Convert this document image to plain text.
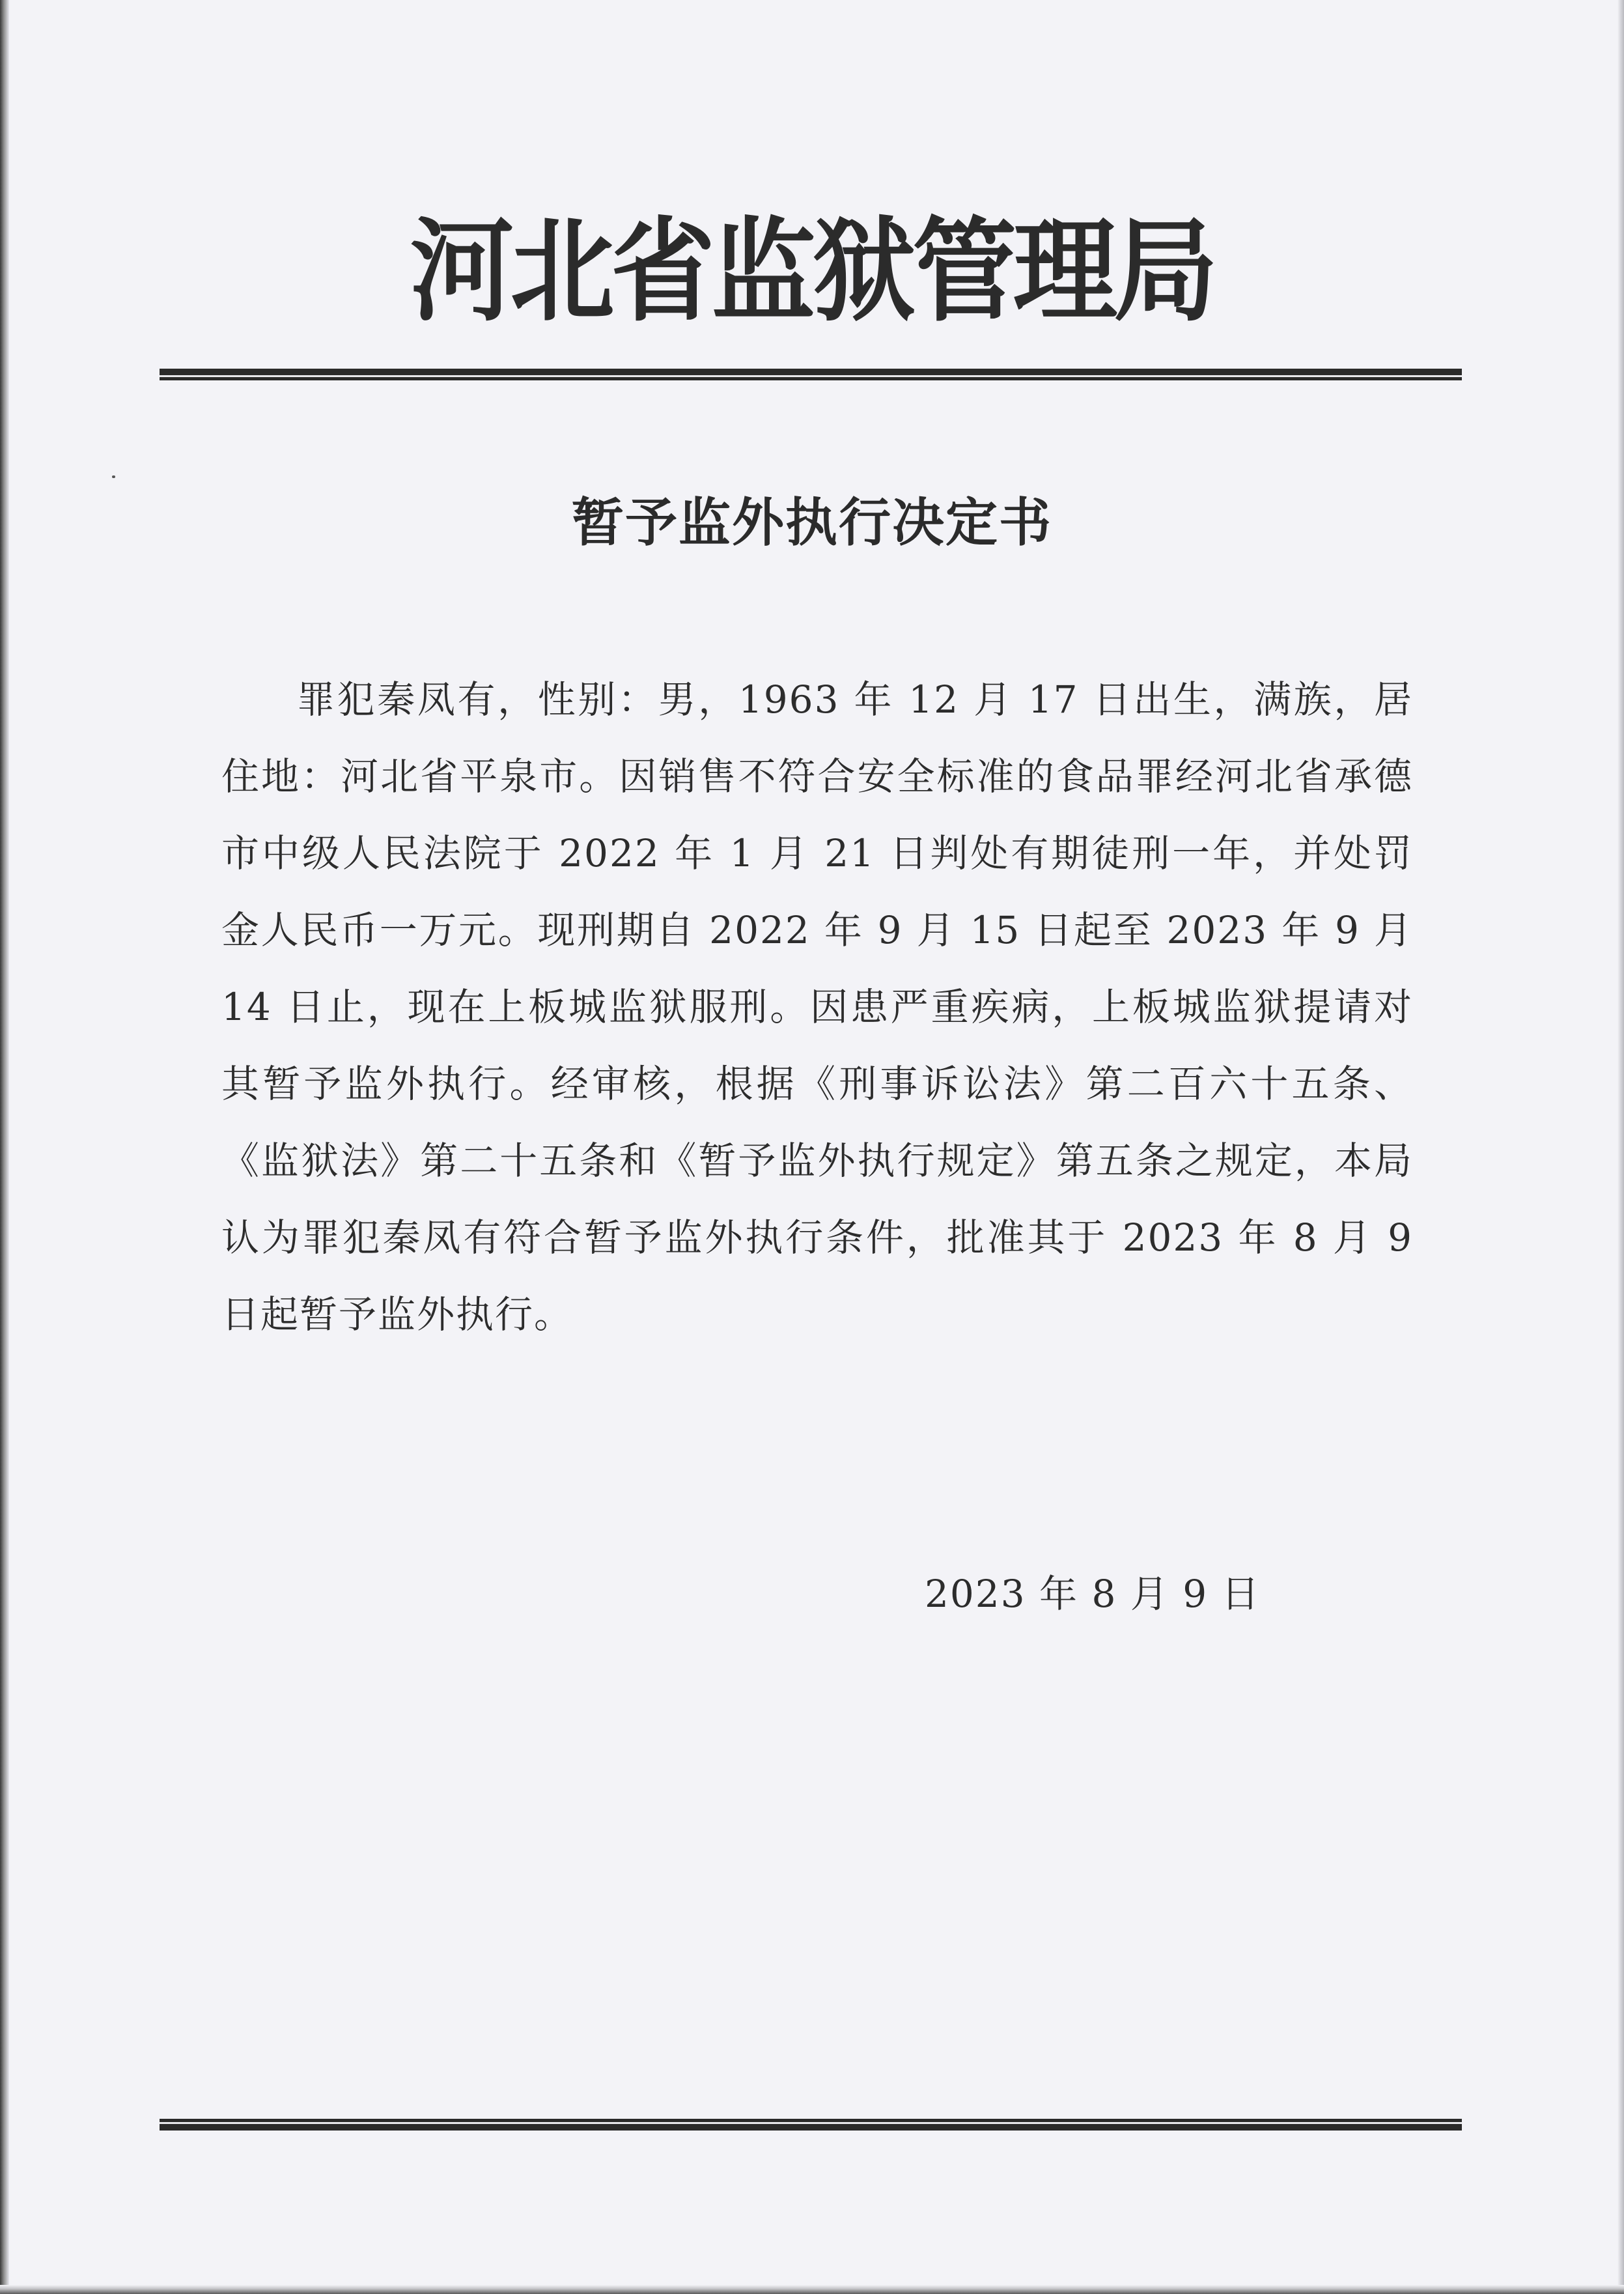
河北省监狱管理局
暂予监外执行决定书
罪犯秦凤有，性别：男，1963 年 12 月 17 日出生，满族，居住地：河北省平泉市。因销售不符合安全标准的食品罪经河北省承德市中级人民法院于 2022 年 1 月 21 日判处有期徒刑一年，并处罚金人民币一万元。现刑期自 2022 年 9 月 15 日起至 2023 年 9 月 14 日止，现在上板城监狱服刑。因患严重疾病，上板城监狱提请对其暂予监外执行。经审核，根据《刑事诉讼法》第二百六十五条、《监狱法》第二十五条和《暂予监外执行规定》第五条之规定，本局认为罪犯秦凤有符合暂予监外执行条件，批准其于 2023 年 8 月 9 日起暂予监外执行。
2023 年 8 月 9 日
